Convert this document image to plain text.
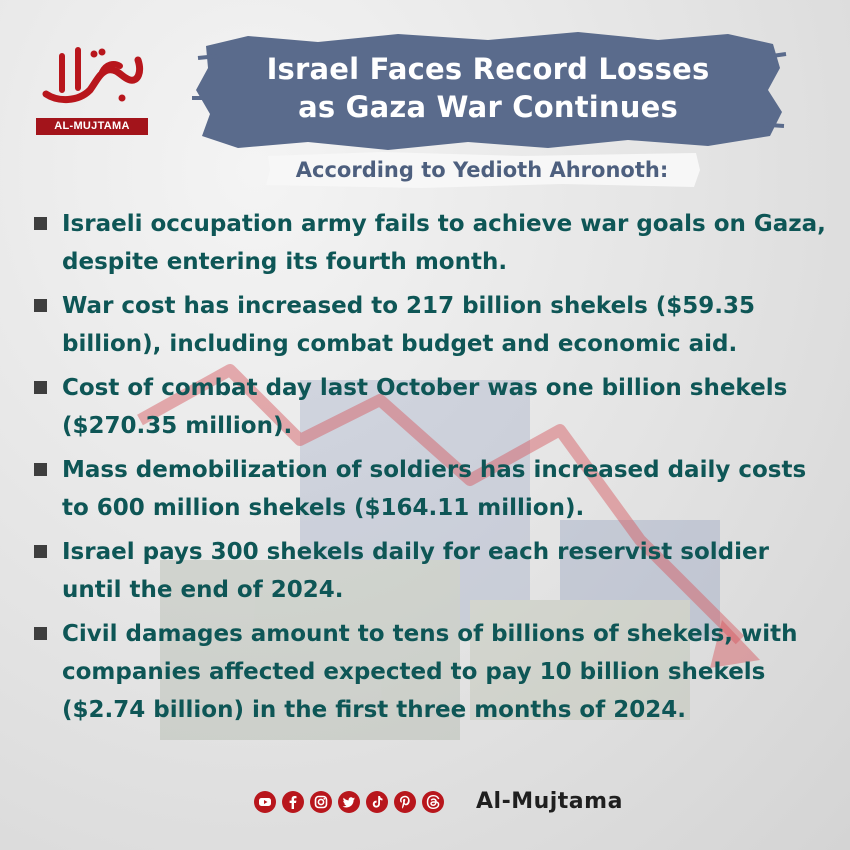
AL-MUJTAMA
Israel Faces Record Losses
as Gaza War Continues
According to Yedioth Ahronoth:
Israeli occupation army fails to achieve war goals on Gaza, despite entering its fourth month.
War cost has increased to 217 billion shekels ($59.35 billion), including combat budget and economic aid.
Cost of combat day last October was one billion shekels ($270.35 million).
Mass demobilization of soldiers has increased daily costs to 600 million shekels ($164.11 million).
Israel pays 300 shekels daily for each reservist soldier until the end of 2024.
Civil damages amount to tens of billions of shekels, with companies affected expected to pay 10 billion shekels ($2.74 billion) in the first three months of 2024.
Al-Mujtama
